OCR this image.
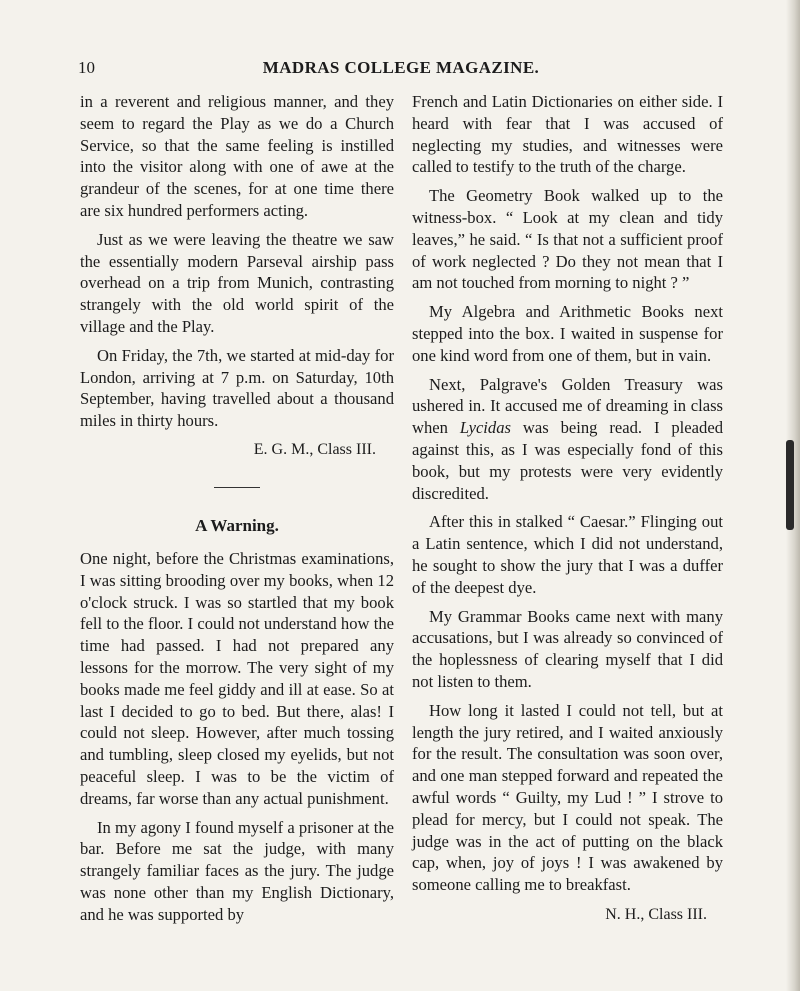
10	MADRAS COLLEGE MAGAZINE.

in a reverent and religious manner, and they seem to regard the Play as we do a Church Service, so that the same feeling is instilled into the visitor along with one of awe at the grandeur of the scenes, for at one time there are six hundred performers acting.

Just as we were leaving the theatre we saw the essentially modern Parseval airship pass overhead on a trip from Munich, contrasting strangely with the old world spirit of the village and the Play.

On Friday, the 7th, we started at mid-day for London, arriving at 7 p.m. on Saturday, 10th September, having travelled about a thousand miles in thirty hours.

E. G. M., Class III.

A Warning.

One night, before the Christmas examinations, I was sitting brooding over my books, when 12 o'clock struck. I was so startled that my book fell to the floor. I could not understand how the time had passed. I had not prepared any lessons for the morrow. The very sight of my books made me feel giddy and ill at ease. So at last I decided to go to bed. But there, alas! I could not sleep. However, after much tossing and tumbling, sleep closed my eyelids, but not peaceful sleep. I was to be the victim of dreams, far worse than any actual punishment.

In my agony I found myself a prisoner at the bar. Before me sat the judge, with many strangely familiar faces as the jury. The judge was none other than my English Dictionary, and he was supported by

French and Latin Dictionaries on either side. I heard with fear that I was accused of neglecting my studies, and witnesses were called to testify to the truth of the charge.

The Geometry Book walked up to the witness-box. “ Look at my clean and tidy leaves,” he said. “ Is that not a sufficient proof of work neglected ? Do they not mean that I am not touched from morning to night ? ”

My Algebra and Arithmetic Books next stepped into the box. I waited in suspense for one kind word from one of them, but in vain.

Next, Palgrave's Golden Treasury was ushered in. It accused me of dreaming in class when Lycidas was being read. I pleaded against this, as I was especially fond of this book, but my protests were very evidently discredited.

After this in stalked “ Caesar.” Flinging out a Latin sentence, which I did not understand, he sought to show the jury that I was a duffer of the deepest dye.

My Grammar Books came next with many accusations, but I was already so convinced of the hoplessness of clearing myself that I did not listen to them.

How long it lasted I could not tell, but at length the jury retired, and I waited anxiously for the result. The consultation was soon over, and one man stepped forward and repeated the awful words “ Guilty, my Lud ! ” I strove to plead for mercy, but I could not speak. The judge was in the act of putting on the black cap, when, joy of joys ! I was awakened by someone calling me to breakfast.

N. H., Class III.
